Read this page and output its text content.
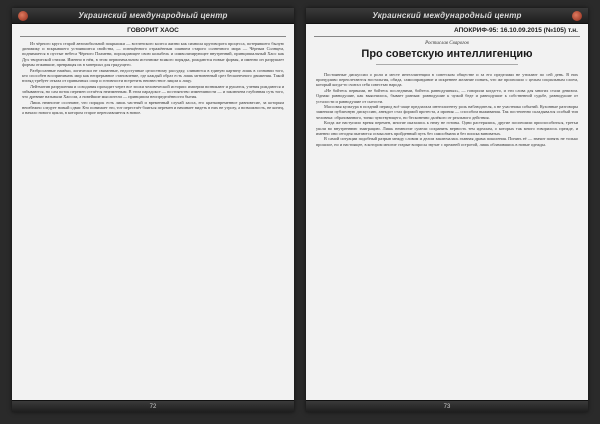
Украинский международный центр
ГОВОРИТ ХАОС

Из чёрного круга старой автомобильной покрышки — вселенского колеса жизни как символа круговорота процесса, потерявшего былую динамику и вскрывшего устоявшиеся свойства, — освещённого отражённым сиянием старого солнечного мира — Чёрным Солнцем, поднимается в пустые небеса Чёрного Пламени, порождающее свою колыбель и символизирующее внутренний, принципиальный Хаос как Дух творческой стихии. Именно в нём, в этом первоначальном источнике всякого порядка, рождаются новые формы, и именно он разрушает формы отжившие, превращая их в материал для грядущего.

Разбросанные намёки, логически не связанные, недоступные целостному рассудку, сливаются в единую картину лишь в сознании того, кто способен воспринимать мир как непрерывное становление, где каждый образ есть лишь мгновенный срез бесконечного движения. Такой взгляд требует отказа от привычных опор и готовности встретить неизвестное лицом к лицу.

Лейтмотив разрушения и созидания проходит через все эпохи человеческой истории: империи возникают и рушатся, учения рождаются и забываются, но сам поток перемен остаётся неизменным. В этом парадоксе — постоянство изменчивости — и заключена глубинная суть того, что древние называли Хаосом, а новейшие мыслители — принципом неопределённости бытия.

Лишь немногие осознают, что порядок есть лишь частный и временный случай хаоса, его кратковременное равновесие, за которым неизбежно следует новый сдвиг. Кто понимает это, тот перестаёт бояться перемен и начинает видеть в них не угрозу, а возможность, не конец, а начало нового цикла, в котором старое переплавляется в новое.

72
Украинский международный центр
АПОКРИФ-95: 16.10.09.2015 (№105) т.н.
Ростислав Сварогов
Про советскую интеллигенцию

Постоянные дискуссии о роли и месте интеллигенции в советском обществе и за его пределами не утихают по сей день. В них причудливо переплетаются ностальгия, обида, самооправдание и искреннее желание понять, что же произошло с целым социальным слоем, который когда-то считал себя совестью народа.

«Не бойтесь первыми, не бойтесь последними, бойтесь равнодушных», — говорили когда-то, и эти слова для многих стали девизом. Однако равнодушие, как выяснилось, бывает разным: равнодушие к чужой беде и равнодушие к собственной судьбе, равнодушие от усталости и равнодушие от сытости.

Массовая культура в поздний период всё чаще предлагала интеллигенту роль наблюдателя, а не участника событий. Кухонные разговоры заменили публичную дискуссию, анекдот стал формой протеста, а ирония — способом выживания. Так постепенно складывался особый тип человека: образованного, тонко чувствующего, но бесконечно далёкого от реального действия.

Когда же наступило время перемен, многие оказались к нему не готовы. Одни растерялись, другие поспешили приспособиться, третьи ушли во внутреннюю эмиграцию. Лишь немногие сумели сохранить верность тем идеалам, о которых так много говорилось прежде, и именно они сегодня пытаются осмыслить пройденный путь без самообмана и без поиска виноватых.

В самой ситуации подобный разрыв между словом и делом заключалась главная драма поколения. Понять её — значит понять не только прошлое, но и настоящее, в котором многие старые вопросы звучат с прежней остротой, лишь облачившись в новые одежды.

73
